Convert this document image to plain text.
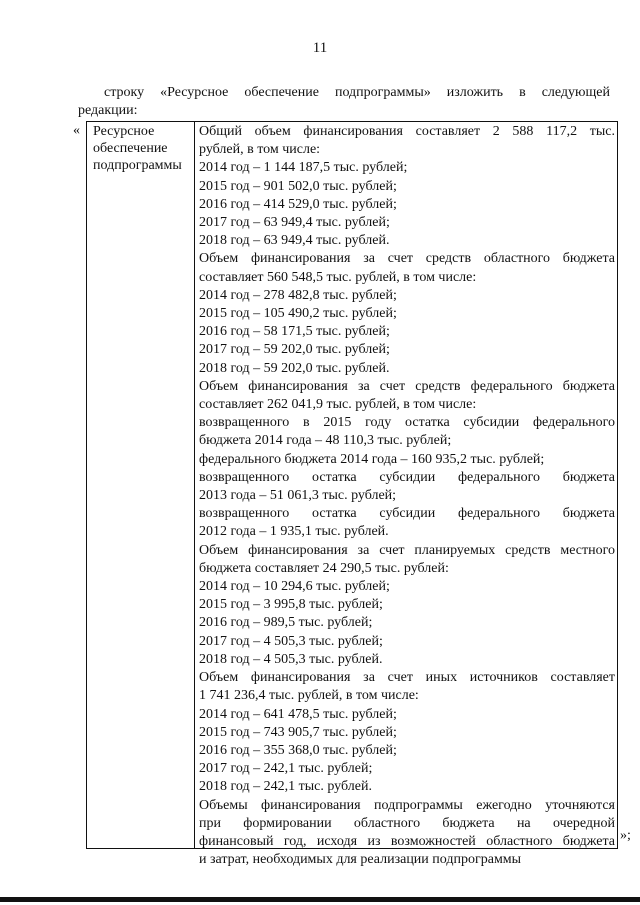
11
строку «Ресурсное обеспечение подпрограммы» изложить в следующей
редакции:
« Ресурсное
обеспечение
подпрограммы
Общий объем финансирования составляет 2 588 117,2 тыс.
рублей, в том числе:
2014 год – 1 144 187,5 тыс. рублей;
2015 год – 901 502,0 тыс. рублей;
2016 год – 414 529,0 тыс. рублей;
2017 год – 63 949,4 тыс. рублей;
2018 год – 63 949,4 тыс. рублей.
Объем финансирования за счет средств областного бюджета
составляет 560 548,5 тыс. рублей, в том числе:
2014 год – 278 482,8 тыс. рублей;
2015 год – 105 490,2 тыс. рублей;
2016 год – 58 171,5 тыс. рублей;
2017 год – 59 202,0 тыс. рублей;
2018 год – 59 202,0 тыс. рублей.
Объем финансирования за счет средств федерального бюджета
составляет 262 041,9 тыс. рублей, в том числе:
возвращенного в 2015 году остатка субсидии федерального
бюджета 2014 года – 48 110,3 тыс. рублей;
федерального бюджета 2014 года – 160 935,2 тыс. рублей;
возвращенного остатка субсидии федерального бюджета
2013 года – 51 061,3 тыс. рублей;
возвращенного остатка субсидии федерального бюджета
2012 года – 1 935,1 тыс. рублей.
Объем финансирования за счет планируемых средств местного
бюджета составляет 24 290,5 тыс. рублей:
2014 год – 10 294,6 тыс. рублей;
2015 год – 3 995,8 тыс. рублей;
2016 год – 989,5 тыс. рублей;
2017 год – 4 505,3 тыс. рублей;
2018 год – 4 505,3 тыс. рублей.
Объем финансирования за счет иных источников составляет
1 741 236,4 тыс. рублей, в том числе:
2014 год – 641 478,5 тыс. рублей;
2015 год – 743 905,7 тыс. рублей;
2016 год – 355 368,0 тыс. рублей;
2017 год – 242,1 тыс. рублей;
2018 год – 242,1 тыс. рублей.
Объемы финансирования подпрограммы ежегодно уточняются
при формировании областного бюджета на очередной
финансовый год, исходя из возможностей областного бюджета
и затрат, необходимых для реализации подпрограммы
»;
